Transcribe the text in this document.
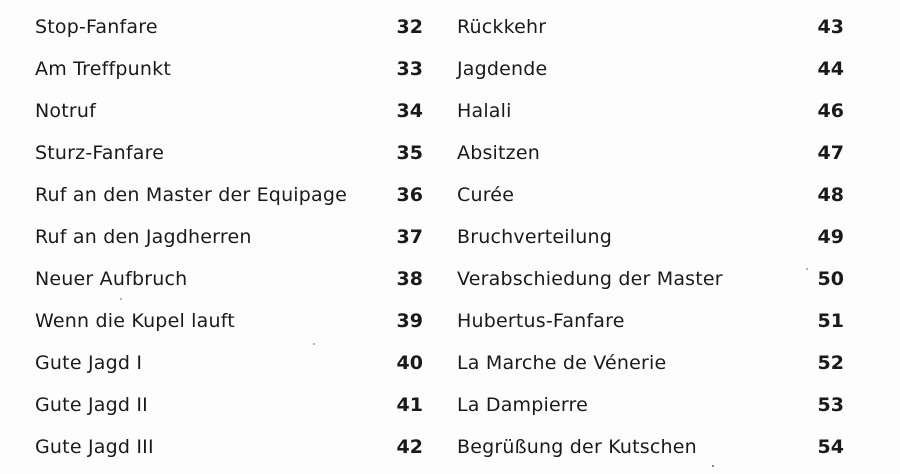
Stop-Fanfare	32
Am Treffpunkt	33
Notruf	34
Sturz-Fanfare	35
Ruf an den Master der Equipage	36
Ruf an den Jagdherren	37
Neuer Aufbruch	38
Wenn die Kupel lauft	39
Gute Jagd I	40
Gute Jagd II	41
Gute Jagd III	42
Rückkehr	43
Jagdende	44
Halali	46
Absitzen	47
Curée	48
Bruchverteilung	49
Verabschiedung der Master	50
Hubertus-Fanfare	51
La Marche de Vénerie	52
La Dampierre	53
Begrüßung der Kutschen	54
